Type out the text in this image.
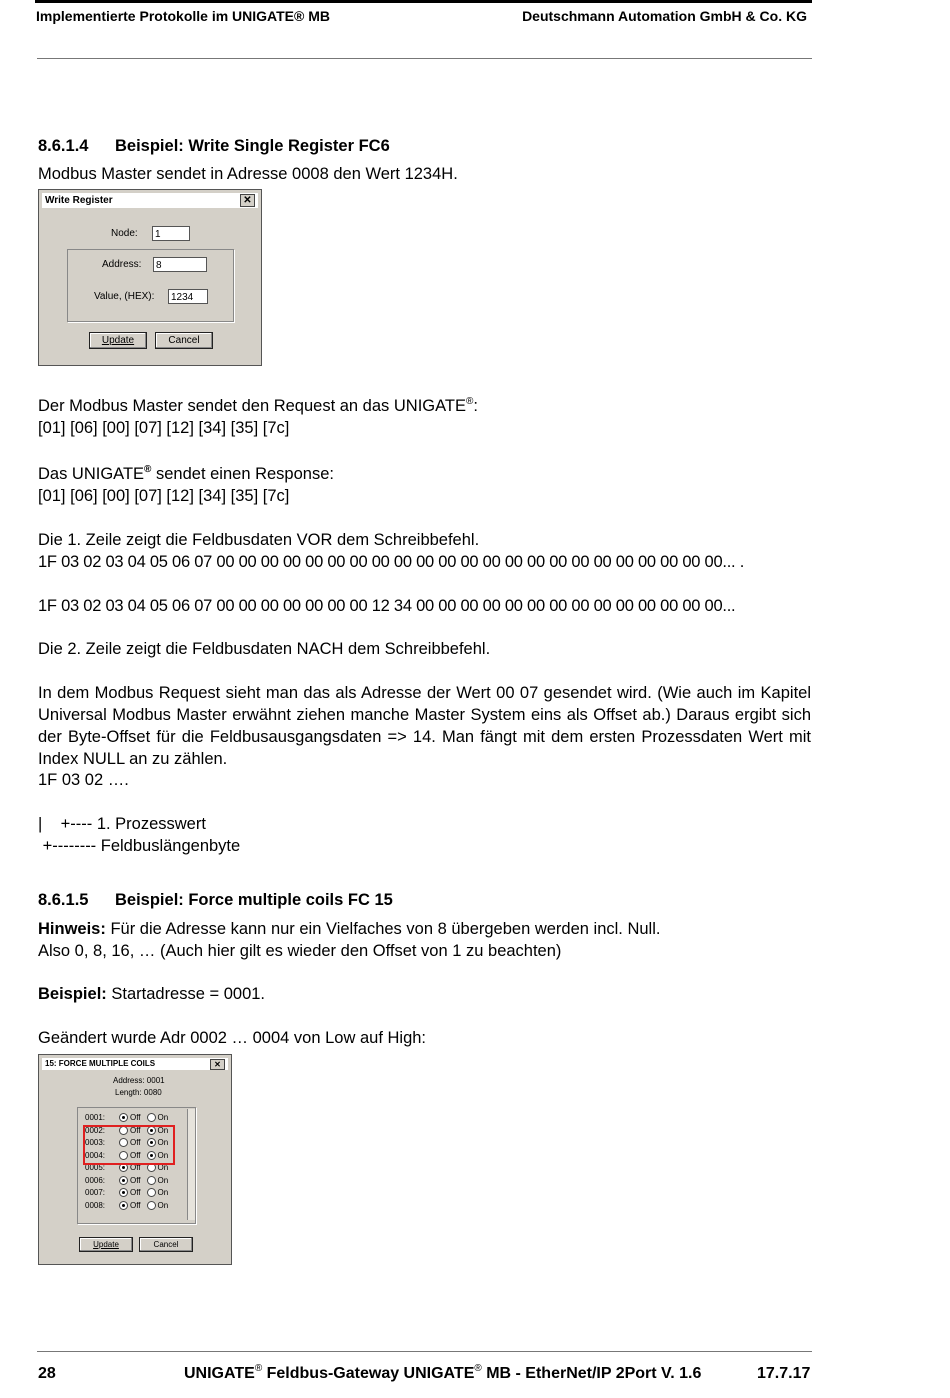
Implementierte Protokolle im UNIGATE® MB	Deutschmann Automation GmbH & Co. KG
8.6.1.4 Beispiel: Write Single Register FC6
Modbus Master sendet in Adresse 0008 den Wert 1234H.
Write Register	✕
Node:	1
Address:	8
Value, (HEX):	1234
Update	Cancel
Der Modbus Master sendet den Request an das UNIGATE®:
[01] [06] [00] [07] [12] [34] [35] [7c]
Das UNIGATE® sendet einen Response:
[01] [06] [00] [07] [12] [34] [35] [7c]
Die 1. Zeile zeigt die Feldbusdaten VOR dem Schreibbefehl.
1F 03 02 03 04 05 06 07 00 00 00 00 00 00 00 00 00 00 00 00 00 00 00 00 00 00 00 00 00 00 00... .
1F 03 02 03 04 05 06 07 00 00 00 00 00 00 00 12 34 00 00 00 00 00 00 00 00 00 00 00 00 00 00...
Die 2. Zeile zeigt die Feldbusdaten NACH dem Schreibbefehl.
In dem Modbus Request sieht man das als Adresse der Wert 00 07 gesendet wird. (Wie auch im Kapitel Universal Modbus Master erwähnt ziehen manche Master System eins als Offset ab.) Daraus ergibt sich der Byte-Offset für die Feldbusausgangsdaten => 14. Man fängt mit dem ersten Prozessdaten Wert mit Index NULL an zu zählen.
1F 03 02 ….
|    +---- 1. Prozesswert
+-------- Feldbuslängenbyte
8.6.1.5 Beispiel: Force multiple coils FC 15
Hinweis: Für die Adresse kann nur ein Vielfaches von 8 übergeben werden incl. Null.
Also 0, 8, 16, … (Auch hier gilt es wieder den Offset von 1 zu beachten)
Beispiel: Startadresse = 0001.
Geändert wurde Adr 0002 … 0004 von Low auf High:
15: FORCE MULTIPLE COILS	✕
Address: 0001
Length: 0080
0001:	Off On
0002:	Off On
0003:	Off On
0004:	Off On
0005:	Off On
0006:	Off On
0007:	Off On
0008:	Off On
Update	Cancel
28	UNIGATE® Feldbus-Gateway UNIGATE® MB - EtherNet/IP 2Port V. 1.6	17.7.17
